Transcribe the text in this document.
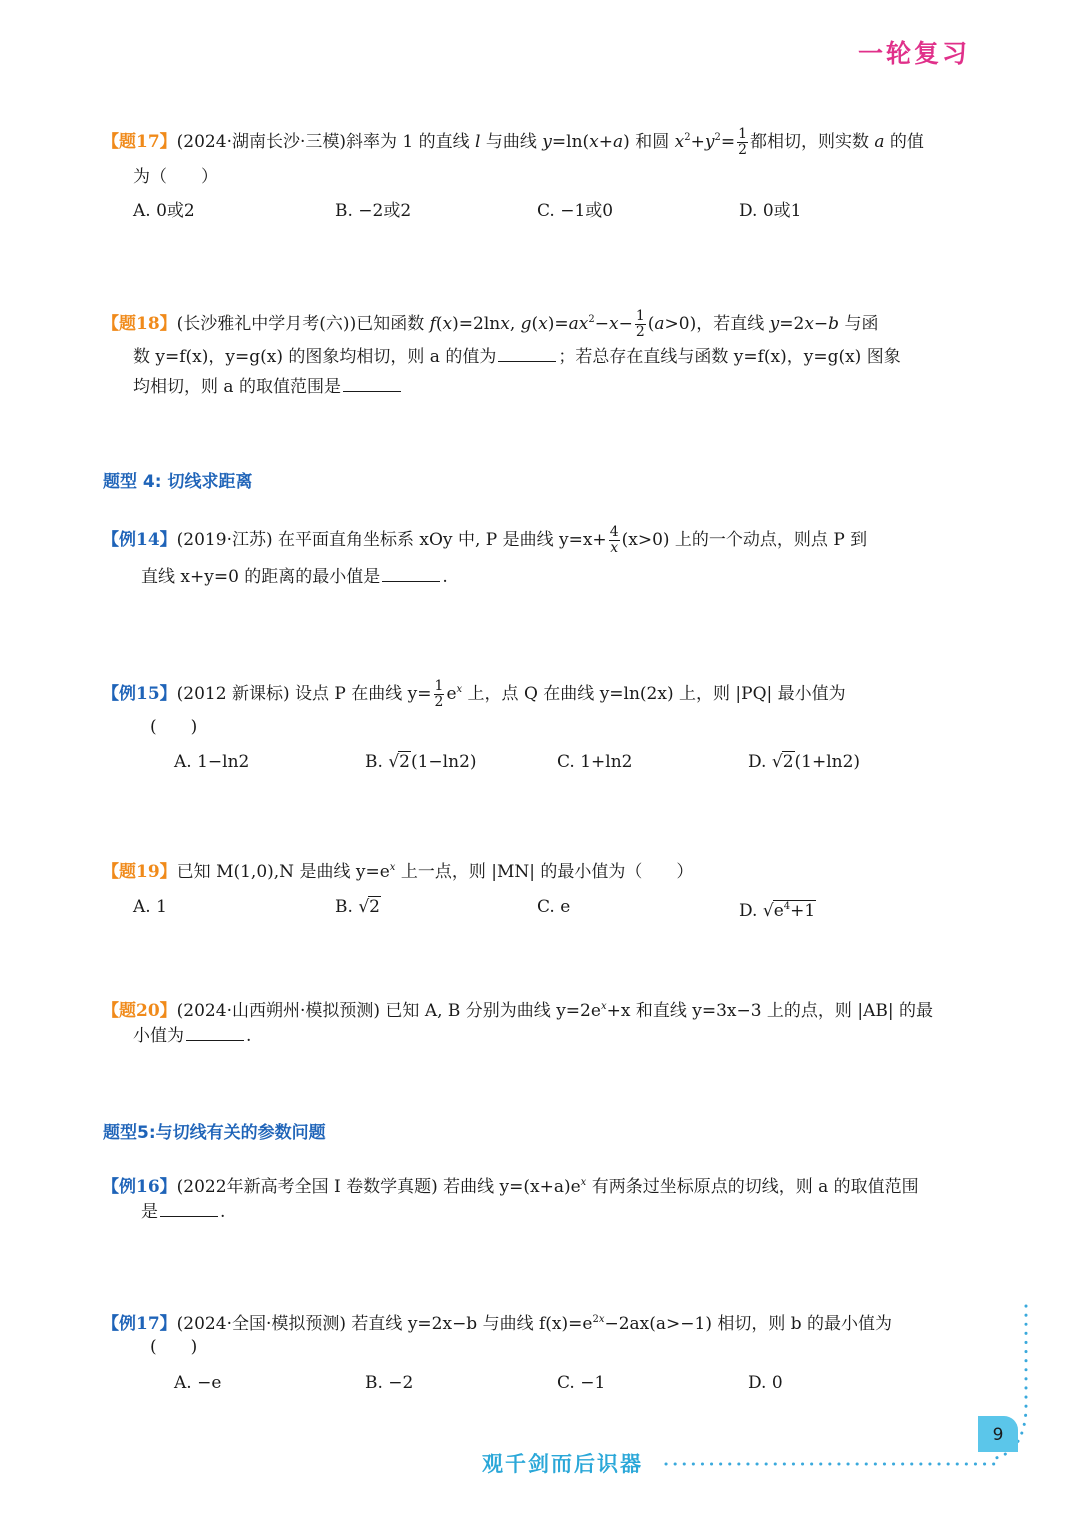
一轮复习
【题17】(2024·湖南长沙·三模)斜率为 1 的直线 l 与曲线 y=ln(x+a) 和圆 $x^2+y^2= \frac{1}{2}$ 都相切，则实数 a 的值
为（　　）
A. 0或2	B. −2或2	C. −1或0	D. 0或1
【题18】(长沙雅礼中学月考(六))已知函数 f(x)=2lnx, $g(x)=ax^2-x- \frac{1}{2} (a>0)$，若直线 y=2x−b 与函
数 y=f(x)，y=g(x) 的图象均相切，则 a 的值为	；若总存在直线与函数 y=f(x)，y=g(x) 图象
均相切，则 a 的取值范围是
题型 4: 切线求距离
【例14】(2019·江苏) 在平面直角坐标系 xOy 中, P 是曲线 $y=x+ \frac{4}{x} (x>0)$ 上的一个动点，则点 P 到
直线 x+y=0 的距离的最小值是	.
【例15】(2012 新课标) 设点 P 在曲线 $y= \frac{1}{2} e^x$ 上，点 Q 在曲线 y=ln(2x) 上，则 |PQ| 最小值为
(　　)
A. 1−ln2	B. √2(1−ln2)	C. 1+ln2	D. √2(1+ln2)
【题19】已知 M(1,0),N 是曲线 $y=e^x$ 上一点，则 |MN| 的最小值为（　　）
A. 1	B. √2	C. e	D. $√e^4+1$
【题20】(2024·山西朔州·模拟预测) 已知 A, B 分别为曲线 $y=2e^x+x$ 和直线 y=3x−3 上的点，则 |AB| 的最
小值为	.
题型5:与切线有关的参数问题
【例16】(2022年新高考全国 I 卷数学真题) 若曲线 $y=(x+a)e^x$ 有两条过坐标原点的切线，则 a 的取值范围
是	.
【例17】(2024·全国·模拟预测) 若直线 y=2x−b 与曲线 $f(x)=e^{2x}-2ax(a>-1)$ 相切，则 b 的最小值为
(　　)
A. −e	B. −2	C. −1	D. 0
9
观千剑而后识器
